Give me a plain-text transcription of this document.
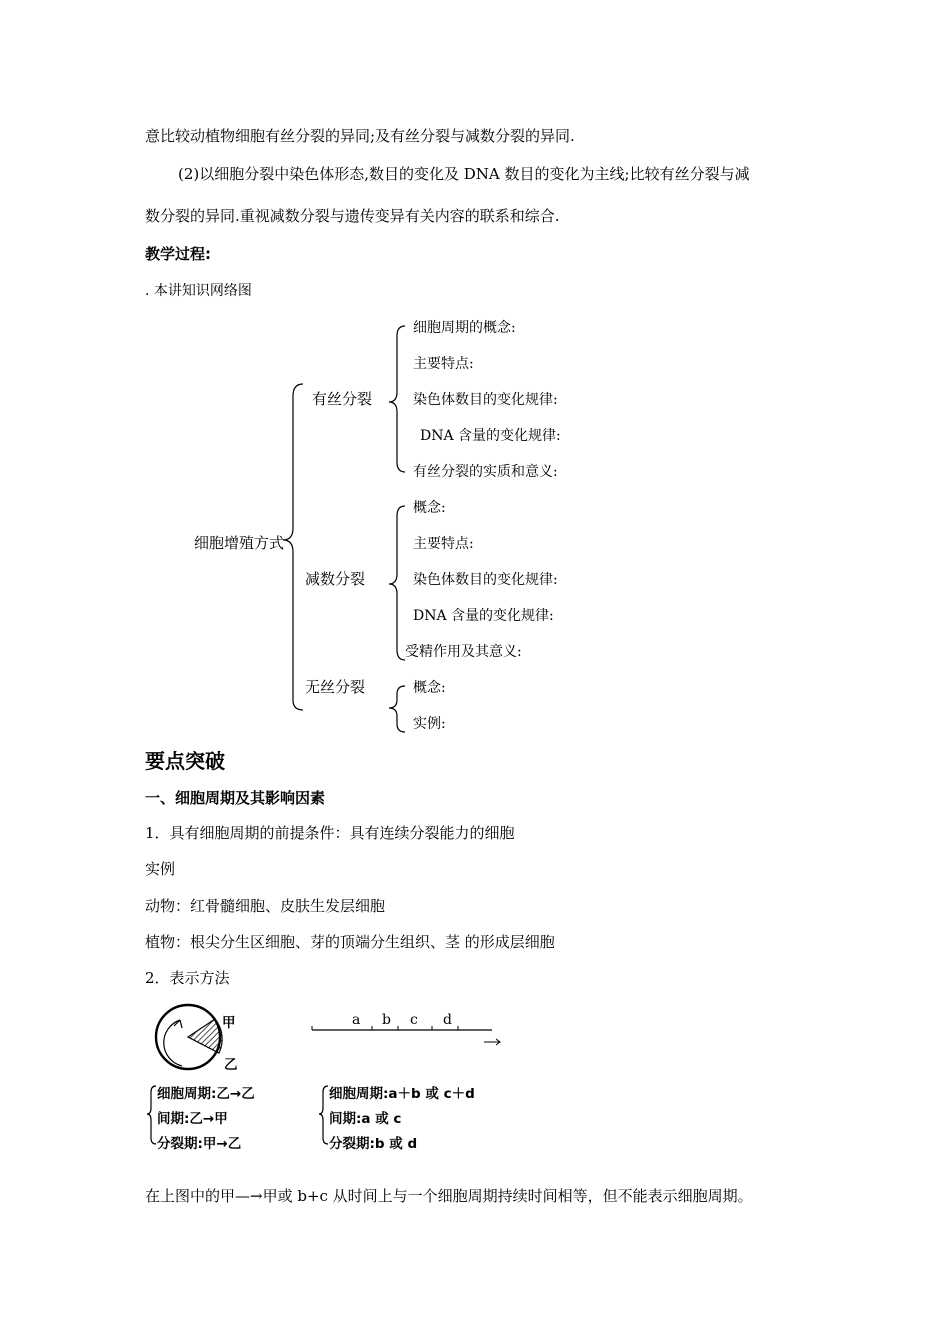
意比较动植物细胞有丝分裂的异同;及有丝分裂与减数分裂的异同.
(2)以细胞分裂中染色体形态,数目的变化及 DNA 数目的变化为主线;比较有丝分裂与减
数分裂的异同.重视减数分裂与遗传变异有关内容的联系和综合.
教学过程:
. 本讲知识网络图
细胞增殖方式
有丝分裂
减数分裂
无丝分裂
细胞周期的概念:
主要特点:
染色体数目的变化规律:
DNA 含量的变化规律:
有丝分裂的实质和意义:
概念:
主要特点:
染色体数目的变化规律:
DNA 含量的变化规律:
受精作用及其意义:
概念:
实例:
要点突破
一、细胞周期及其影响因素
1．具有细胞周期的前提条件：具有连续分裂能力的细胞
实例
动物：红骨髓细胞、皮肤生发层细胞
植物：根尖分生区细胞、芽的顶端分生组织、茎 的形成层细胞
2．表示方法
甲
乙
a b c d
细胞周期:乙→乙
间期:乙→甲
分裂期:甲→乙
细胞周期:a＋b 或 c＋d
间期:a 或 c
分裂期:b 或 d
在上图中的甲—→甲或 b+c 从时间上与一个细胞周期持续时间相等，但不能表示细胞周期。
